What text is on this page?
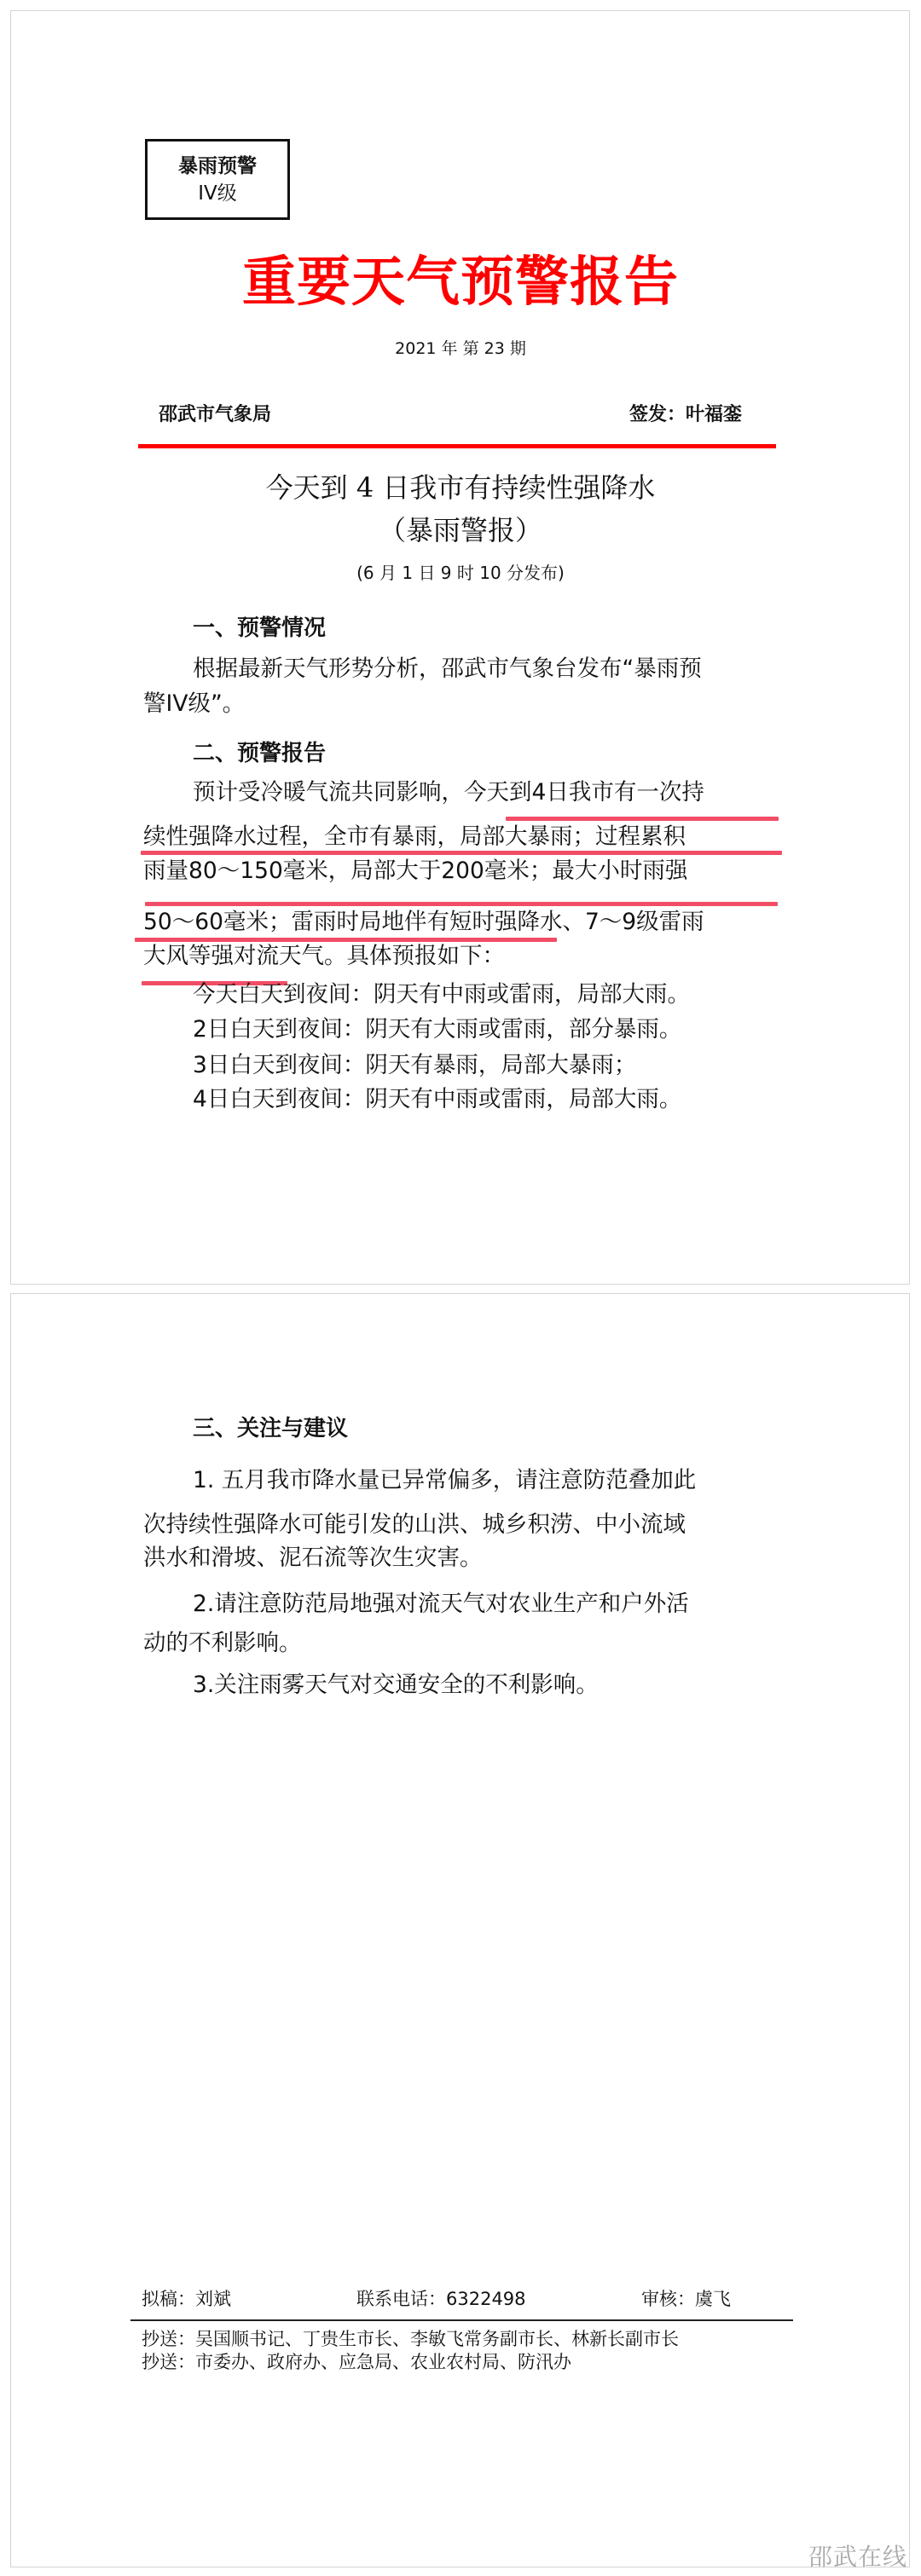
暴雨预警
IV级
重要天气预警报告
2021 年 第 23 期
邵武市气象局	签发：叶福銮
今天到 4 日我市有持续性强降水
（暴雨警报）
(6 月 1 日 9 时 10 分发布)
一、预警情况
根据最新天气形势分析，邵武市气象台发布“暴雨预
警IV级”。
二、预警报告
预计受冷暖气流共同影响，今天到4日我市有一次持
续性强降水过程，全市有暴雨，局部大暴雨；过程累积
雨量80～150毫米，局部大于200毫米；最大小时雨强
50～60毫米；雷雨时局地伴有短时强降水、7～9级雷雨
大风等强对流天气。具体预报如下：
今天白天到夜间：阴天有中雨或雷雨，局部大雨。
2日白天到夜间：阴天有大雨或雷雨，部分暴雨。
3日白天到夜间：阴天有暴雨，局部大暴雨；
4日白天到夜间：阴天有中雨或雷雨，局部大雨。
三、关注与建议
1. 五月我市降水量已异常偏多，请注意防范叠加此
次持续性强降水可能引发的山洪、城乡积涝、中小流域
洪水和滑坡、泥石流等次生灾害。
2.请注意防范局地强对流天气对农业生产和户外活
动的不利影响。
3.关注雨雾天气对交通安全的不利影响。
拟稿：刘斌	联系电话：6322498	审核：虞飞
抄送：吴国顺书记、丁贵生市长、李敏飞常务副市长、林新长副市长
抄送：市委办、政府办、应急局、农业农村局、防汛办
邵武在线
